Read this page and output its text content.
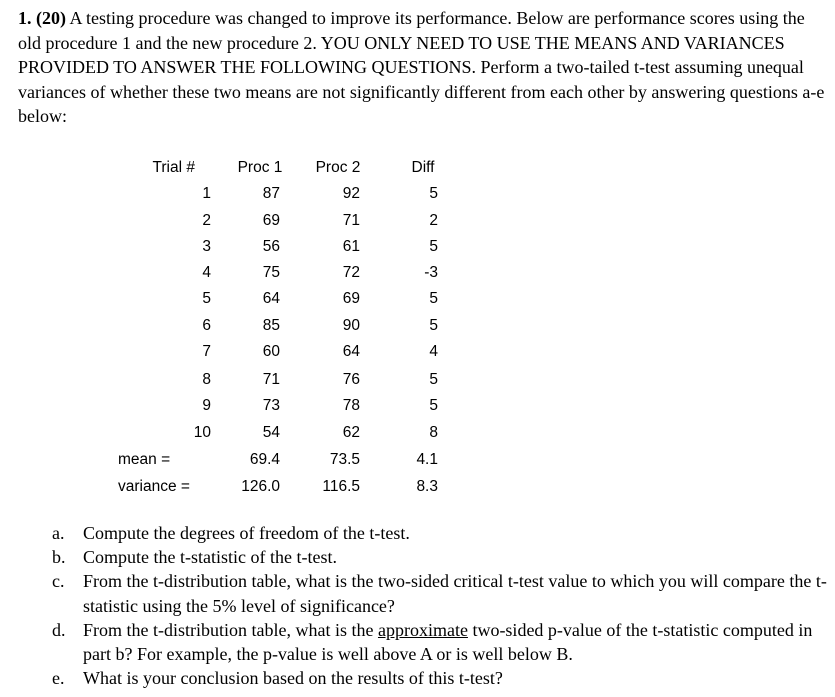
1. (20) A testing procedure was changed to improve its performance. Below are performance scores using the old procedure 1 and the new procedure 2. YOU ONLY NEED TO USE THE MEANS AND VARIANCES PROVIDED TO ANSWER THE FOLLOWING QUESTIONS. Perform a two-tailed t-test assuming unequal variances of whether these two means are not significantly different from each other by answering questions a-e below:
Trial #	Proc 1	Proc 2	Diff
1	87	92	5
2	69	71	2
3	56	61	5
4	75	72	-3
5	64	69	5
6	85	90	5
7	60	64	4
8	71	76	5
9	73	78	5
10	54	62	8
mean =	69.4	73.5	4.1
variance =	126.0	116.5	8.3
a. Compute the degrees of freedom of the t-test.
b. Compute the t-statistic of the t-test.
c. From the t-distribution table, what is the two-sided critical t-test value to which you will compare the t-statistic using the 5% level of significance?
d. From the t-distribution table, what is the approximate two-sided p-value of the t-statistic computed in part b? For example, the p-value is well above A or is well below B.
e. What is your conclusion based on the results of this t-test?
